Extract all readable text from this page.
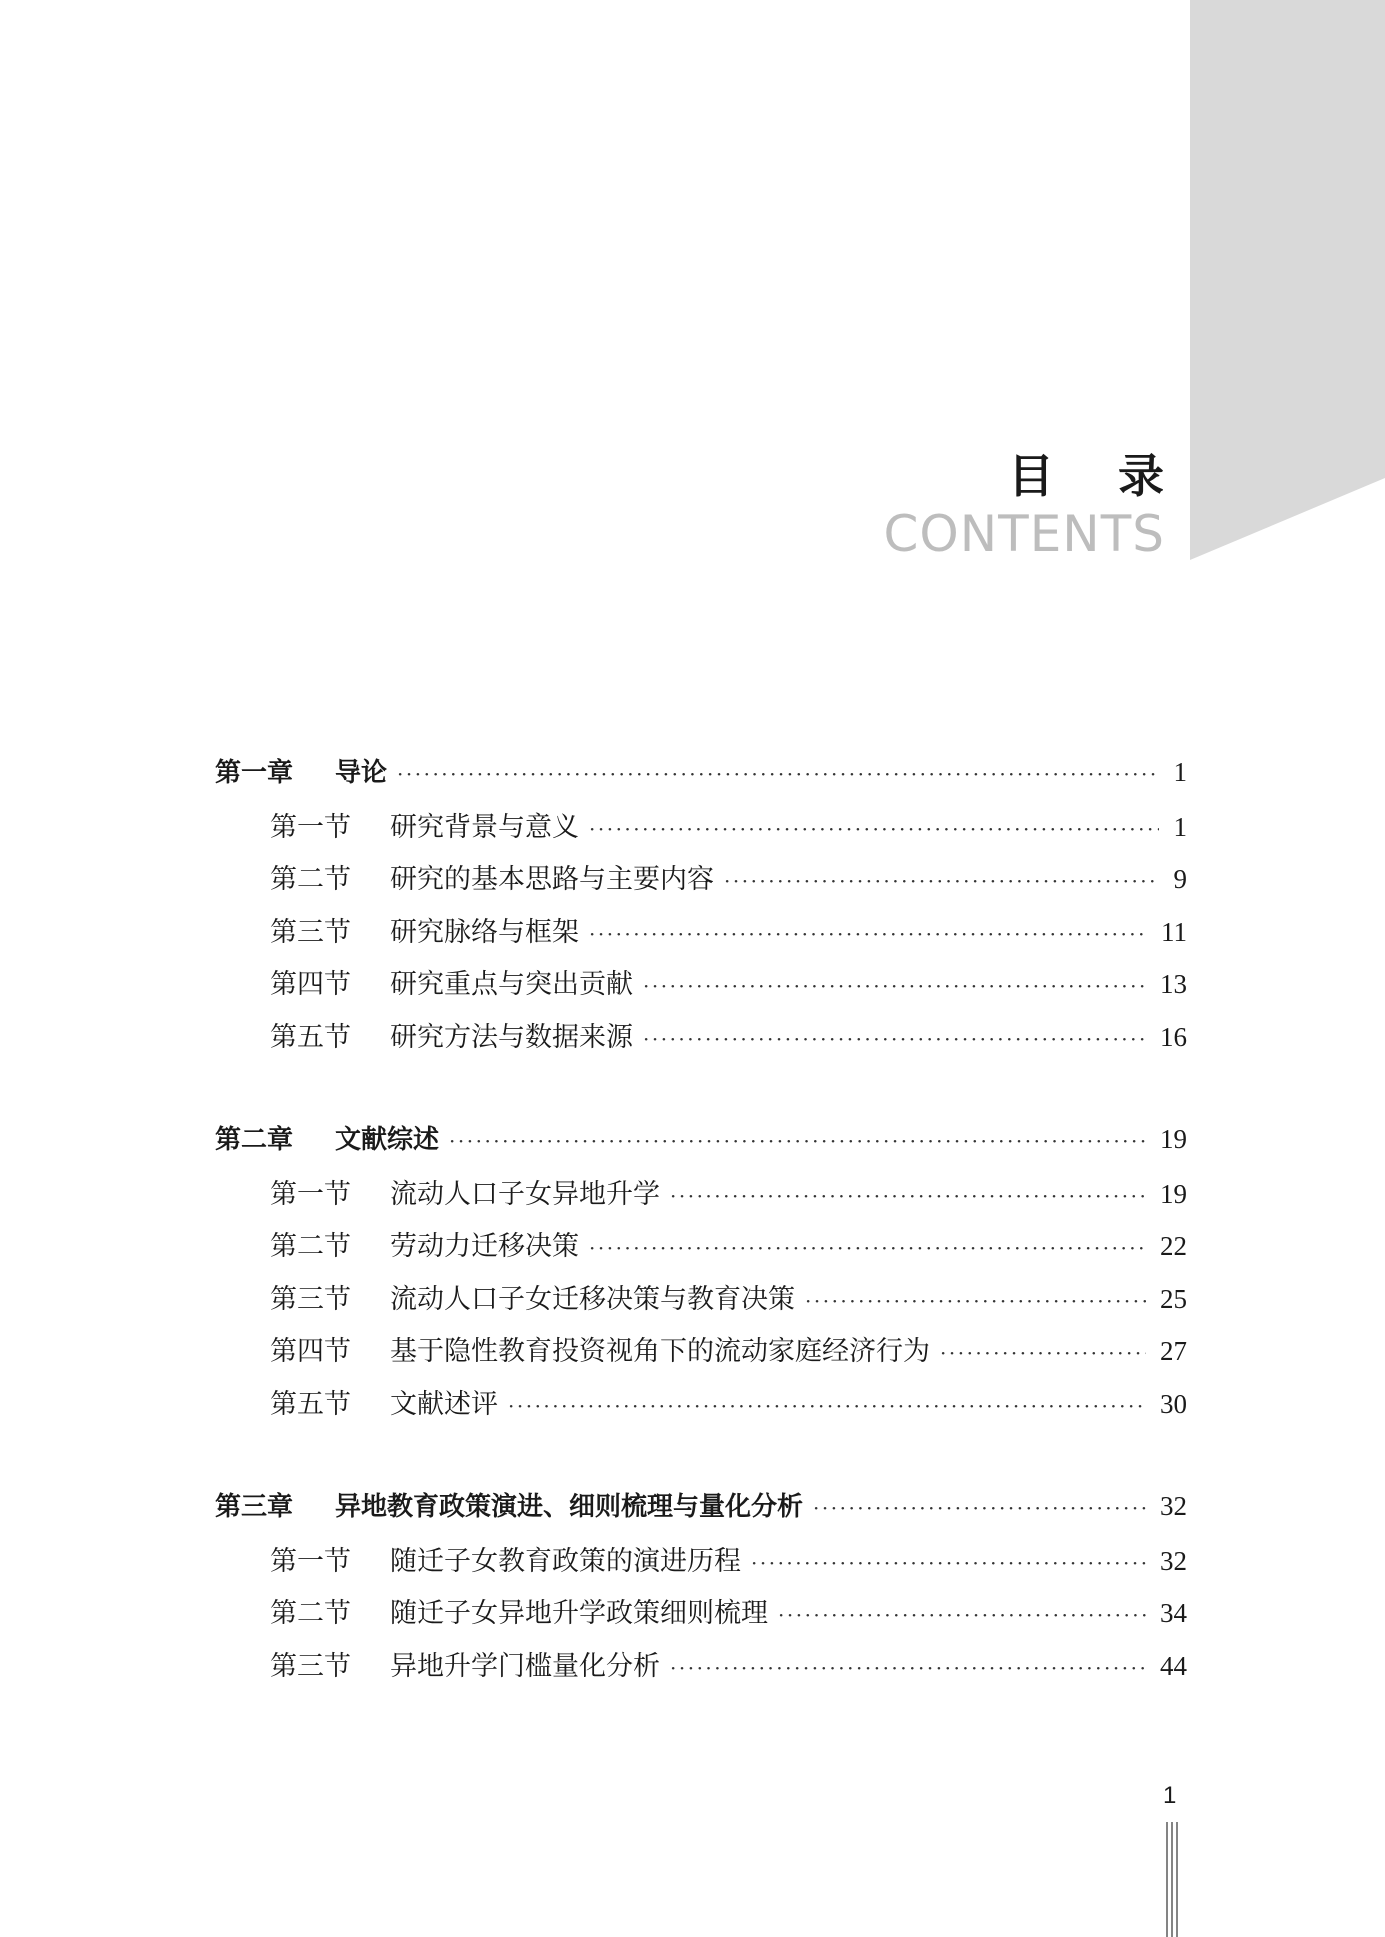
目 录
CONTENTS
第一章	导论 ·····	1
第一节	研究背景与意义 ·····	1
第二节	研究的基本思路与主要内容 ·····	9
第三节	研究脉络与框架 ·····	11
第四节	研究重点与突出贡献 ·····	13
第五节	研究方法与数据来源 ·····	16
第二章	文献综述 ·····	19
第一节	流动人口子女异地升学 ·····	19
第二节	劳动力迁移决策 ·····	22
第三节	流动人口子女迁移决策与教育决策 ·····	25
第四节	基于隐性教育投资视角下的流动家庭经济行为 ·····	27
第五节	文献述评 ·····	30
第三章	异地教育政策演进、细则梳理与量化分析 ·····	32
第一节	随迁子女教育政策的演进历程 ·····	32
第二节	随迁子女异地升学政策细则梳理 ·····	34
第三节	异地升学门槛量化分析 ·····	44
1
